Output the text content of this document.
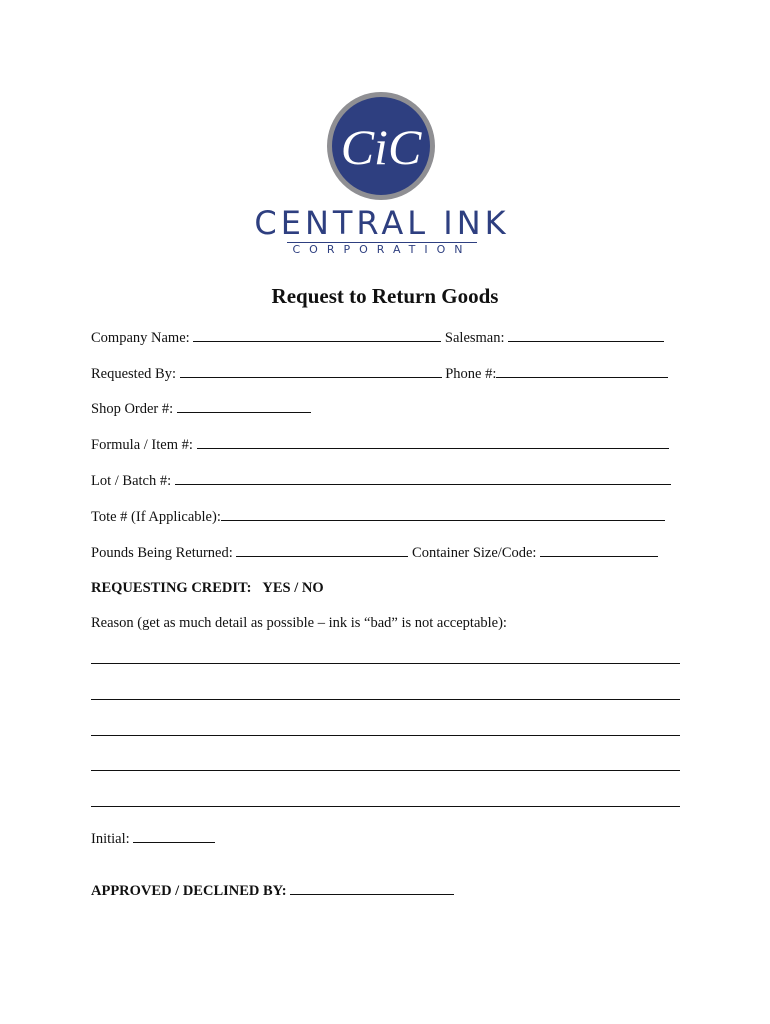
CiC
CENTRAL INK
CORPORATION
Request to Return Goods
Company Name:	Salesman:
Requested By:	Phone #:
Shop Order #:
Formula / Item #:
Lot / Batch #:
Tote # (If Applicable):
Pounds Being Returned:	Container Size/Code:
REQUESTING CREDIT: YES / NO
Reason (get as much detail as possible – ink is “bad” is not acceptable):
Initial:
APPROVED / DECLINED BY:
